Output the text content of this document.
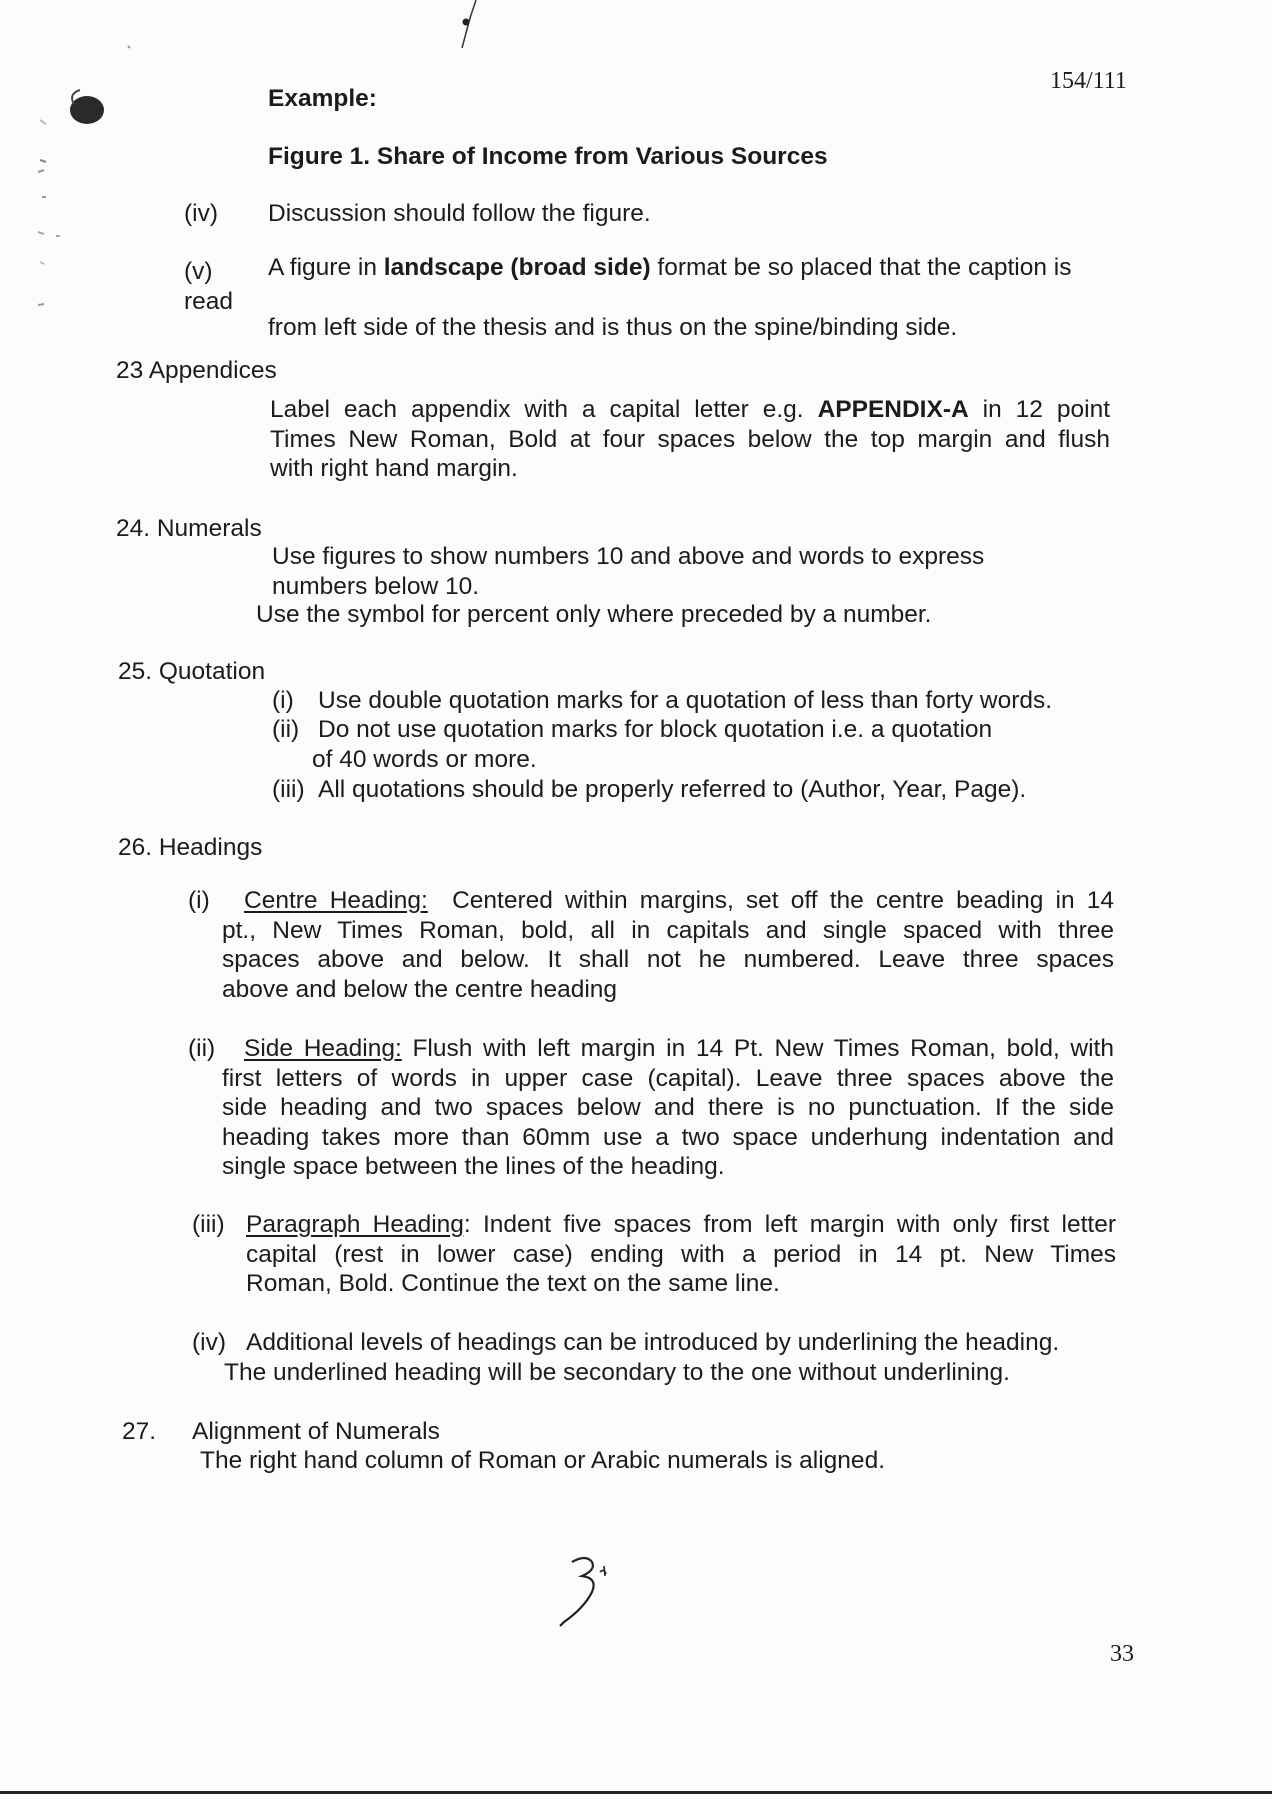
154/111
Example:
Figure 1. Share of Income from Various Sources
(iv) Discussion should follow the figure.
(v) A figure in landscape (broad side) format be so placed that the caption is
read
from left side of the thesis and is thus on the spine/binding side.
23 Appendices
Label each appendix with a capital letter e.g. APPENDIX-A in 12 point
Times New Roman, Bold at four spaces below the top margin and flush
with right hand margin.
24. Numerals
Use figures to show numbers 10 and above and words to express
numbers below 10.
Use the symbol for percent only where preceded by a number.
25. Quotation
(i) Use double quotation marks for a quotation of less than forty words.
(ii) Do not use quotation marks for block quotation i.e. a quotation
of 40 words or more.
(iii) All quotations should be properly referred to (Author, Year, Page).
26. Headings
(i)	Centre Heading: Centered within margins, set off the centre beading in 14
pt., New Times Roman, bold, all in capitals and single spaced with three
spaces above and below. It shall not he numbered. Leave three spaces
above and below the centre heading
(ii)	Side Heading: Flush with left margin in 14 Pt. New Times Roman, bold, with
first letters of words in upper case (capital). Leave three spaces above the
side heading and two spaces below and there is no punctuation. If the side
heading takes more than 60mm use a two space underhung indentation and
single space between the lines of the heading.
(iii) Paragraph Heading: Indent five spaces from left margin with only first letter
capital (rest in lower case) ending with a period in 14 pt. New Times
Roman, Bold. Continue the text on the same line.
(iv) Additional levels of headings can be introduced by underlining the heading.
The underlined heading will be secondary to the one without underlining.
27. Alignment of Numerals
The right hand column of Roman or Arabic numerals is aligned.
33
